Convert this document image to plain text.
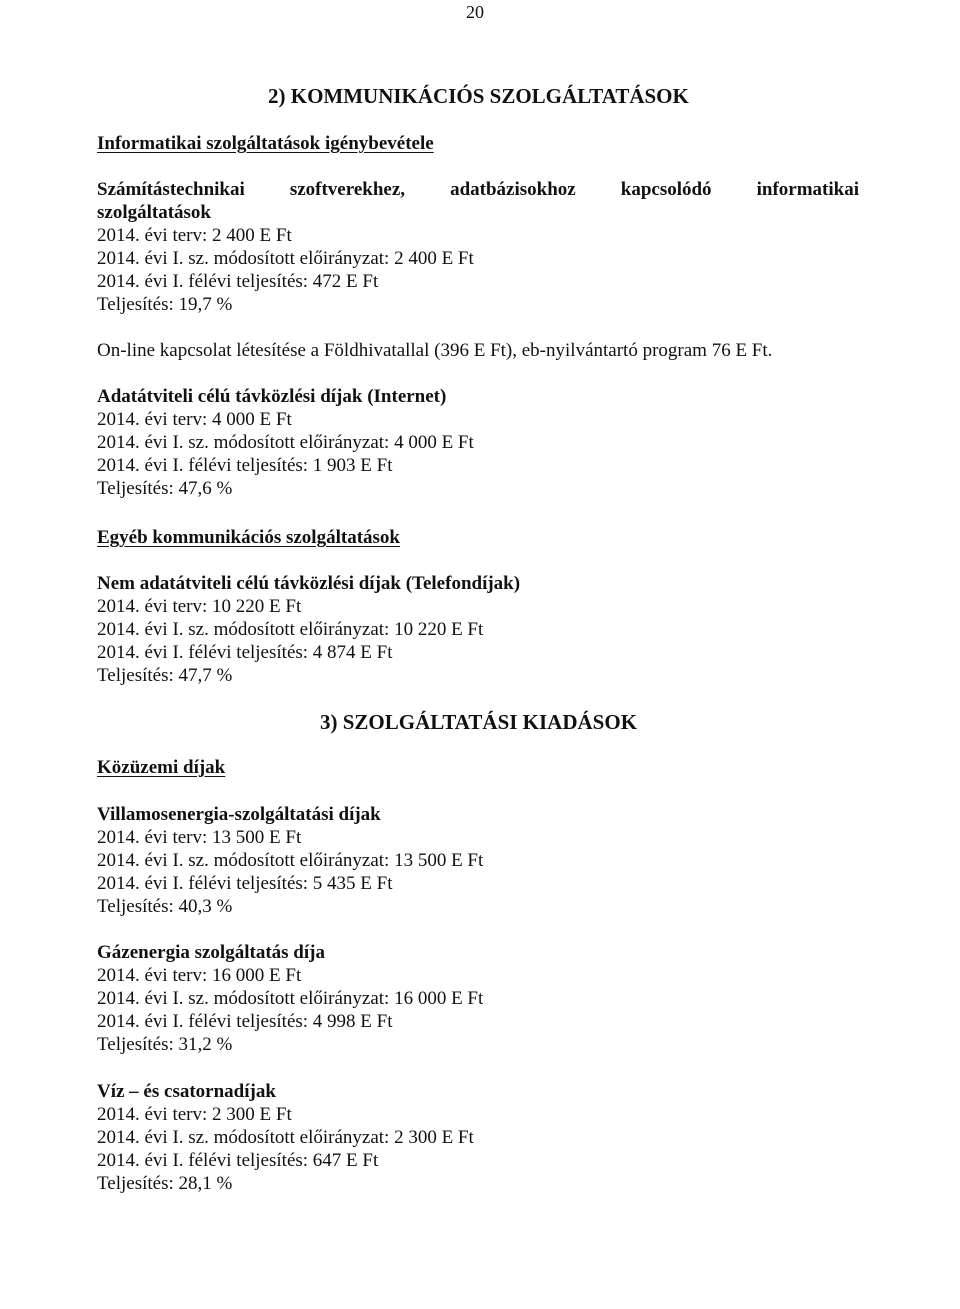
20
2) KOMMUNIKÁCIÓS SZOLGÁLTATÁSOK
Informatikai szolgáltatások igénybevétele
Számítástechnikai szoftverekhez, adatbázisokhoz kapcsolódó informatikai
szolgáltatások
2014. évi terv: 2 400 E Ft
2014. évi I. sz. módosított előirányzat: 2 400 E Ft
2014. évi I. félévi teljesítés: 472 E Ft
Teljesítés: 19,7 %
On-line kapcsolat létesítése a Földhivatallal (396 E Ft), eb-nyilvántartó program 76 E Ft.
Adatátviteli célú távközlési díjak (Internet)
2014. évi terv: 4 000 E Ft
2014. évi I. sz. módosított előirányzat: 4 000 E Ft
2014. évi I. félévi teljesítés: 1 903 E Ft
Teljesítés: 47,6 %
Egyéb kommunikációs szolgáltatások
Nem adatátviteli célú távközlési díjak (Telefondíjak)
2014. évi terv: 10 220 E Ft
2014. évi I. sz. módosított előirányzat: 10 220 E Ft
2014. évi I. félévi teljesítés: 4 874 E Ft
Teljesítés: 47,7 %
3) SZOLGÁLTATÁSI KIADÁSOK
Közüzemi díjak
Villamosenergia-szolgáltatási díjak
2014. évi terv: 13 500 E Ft
2014. évi I. sz. módosított előirányzat: 13 500 E Ft
2014. évi I. félévi teljesítés: 5 435 E Ft
Teljesítés: 40,3 %
Gázenergia szolgáltatás díja
2014. évi terv: 16 000 E Ft
2014. évi I. sz. módosított előirányzat: 16 000 E Ft
2014. évi I. félévi teljesítés: 4 998 E Ft
Teljesítés: 31,2 %
Víz – és csatornadíjak
2014. évi terv: 2 300 E Ft
2014. évi I. sz. módosított előirányzat: 2 300 E Ft
2014. évi I. félévi teljesítés: 647 E Ft
Teljesítés: 28,1 %
